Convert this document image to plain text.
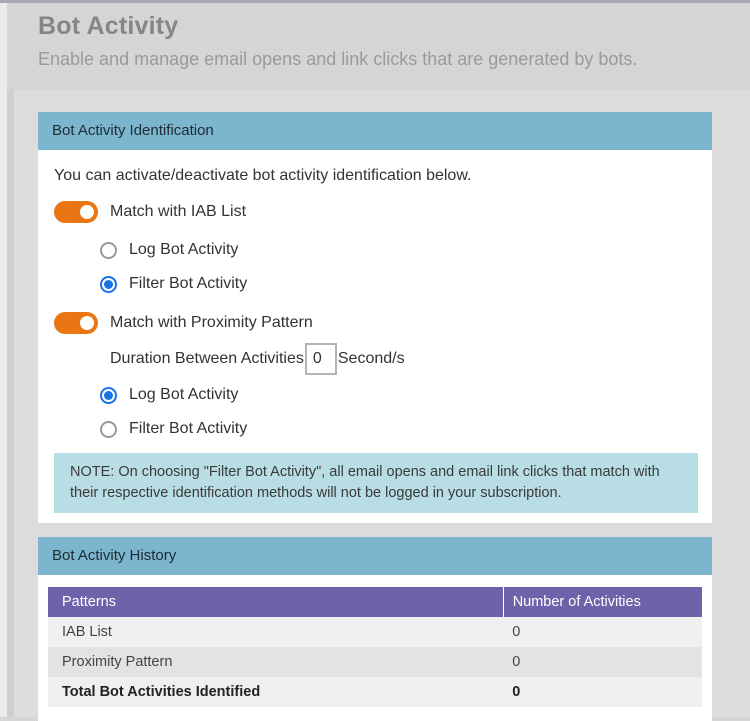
Bot Activity
Enable and manage email opens and link clicks that are generated by bots.
Bot Activity Identification
You can activate/deactivate bot activity identification below.
Match with IAB List
Log Bot Activity
Filter Bot Activity
Match with Proximity Pattern
Duration Between Activities
0 Second/s
Log Bot Activity
Filter Bot Activity
NOTE: On choosing "Filter Bot Activity", all email opens and email link clicks that match with their respective identification methods will not be logged in your subscription.
Bot Activity History
Patterns	Number of Activities
IAB List	0
Proximity Pattern	0
Total Bot Activities Identified	0
